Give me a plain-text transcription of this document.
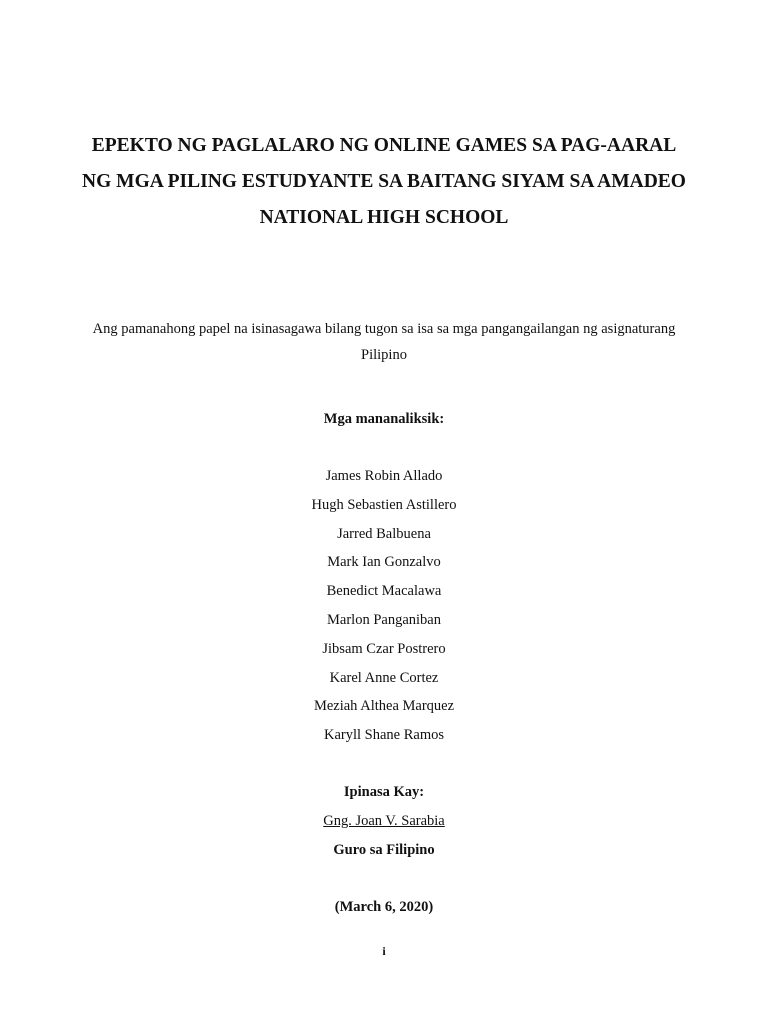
EPEKTO NG PAGLALARO NG ONLINE GAMES SA PAG-AARAL
NG MGA PILING ESTUDYANTE SA BAITANG SIYAM SA AMADEO
NATIONAL HIGH SCHOOL

Ang pamanahong papel na isinasagawa bilang tugon sa isa sa mga pangangailangan ng asignaturang
Pilipino

Mga mananaliksik:

James Robin Allado
Hugh Sebastien Astillero
Jarred Balbuena
Mark Ian Gonzalvo
Benedict Macalawa
Marlon Panganiban
Jibsam Czar Postrero
Karel Anne Cortez
Meziah Althea Marquez
Karyll Shane Ramos

Ipinasa Kay:

Gng. Joan V. Sarabia

Guro sa Filipino

(March 6, 2020)

i
